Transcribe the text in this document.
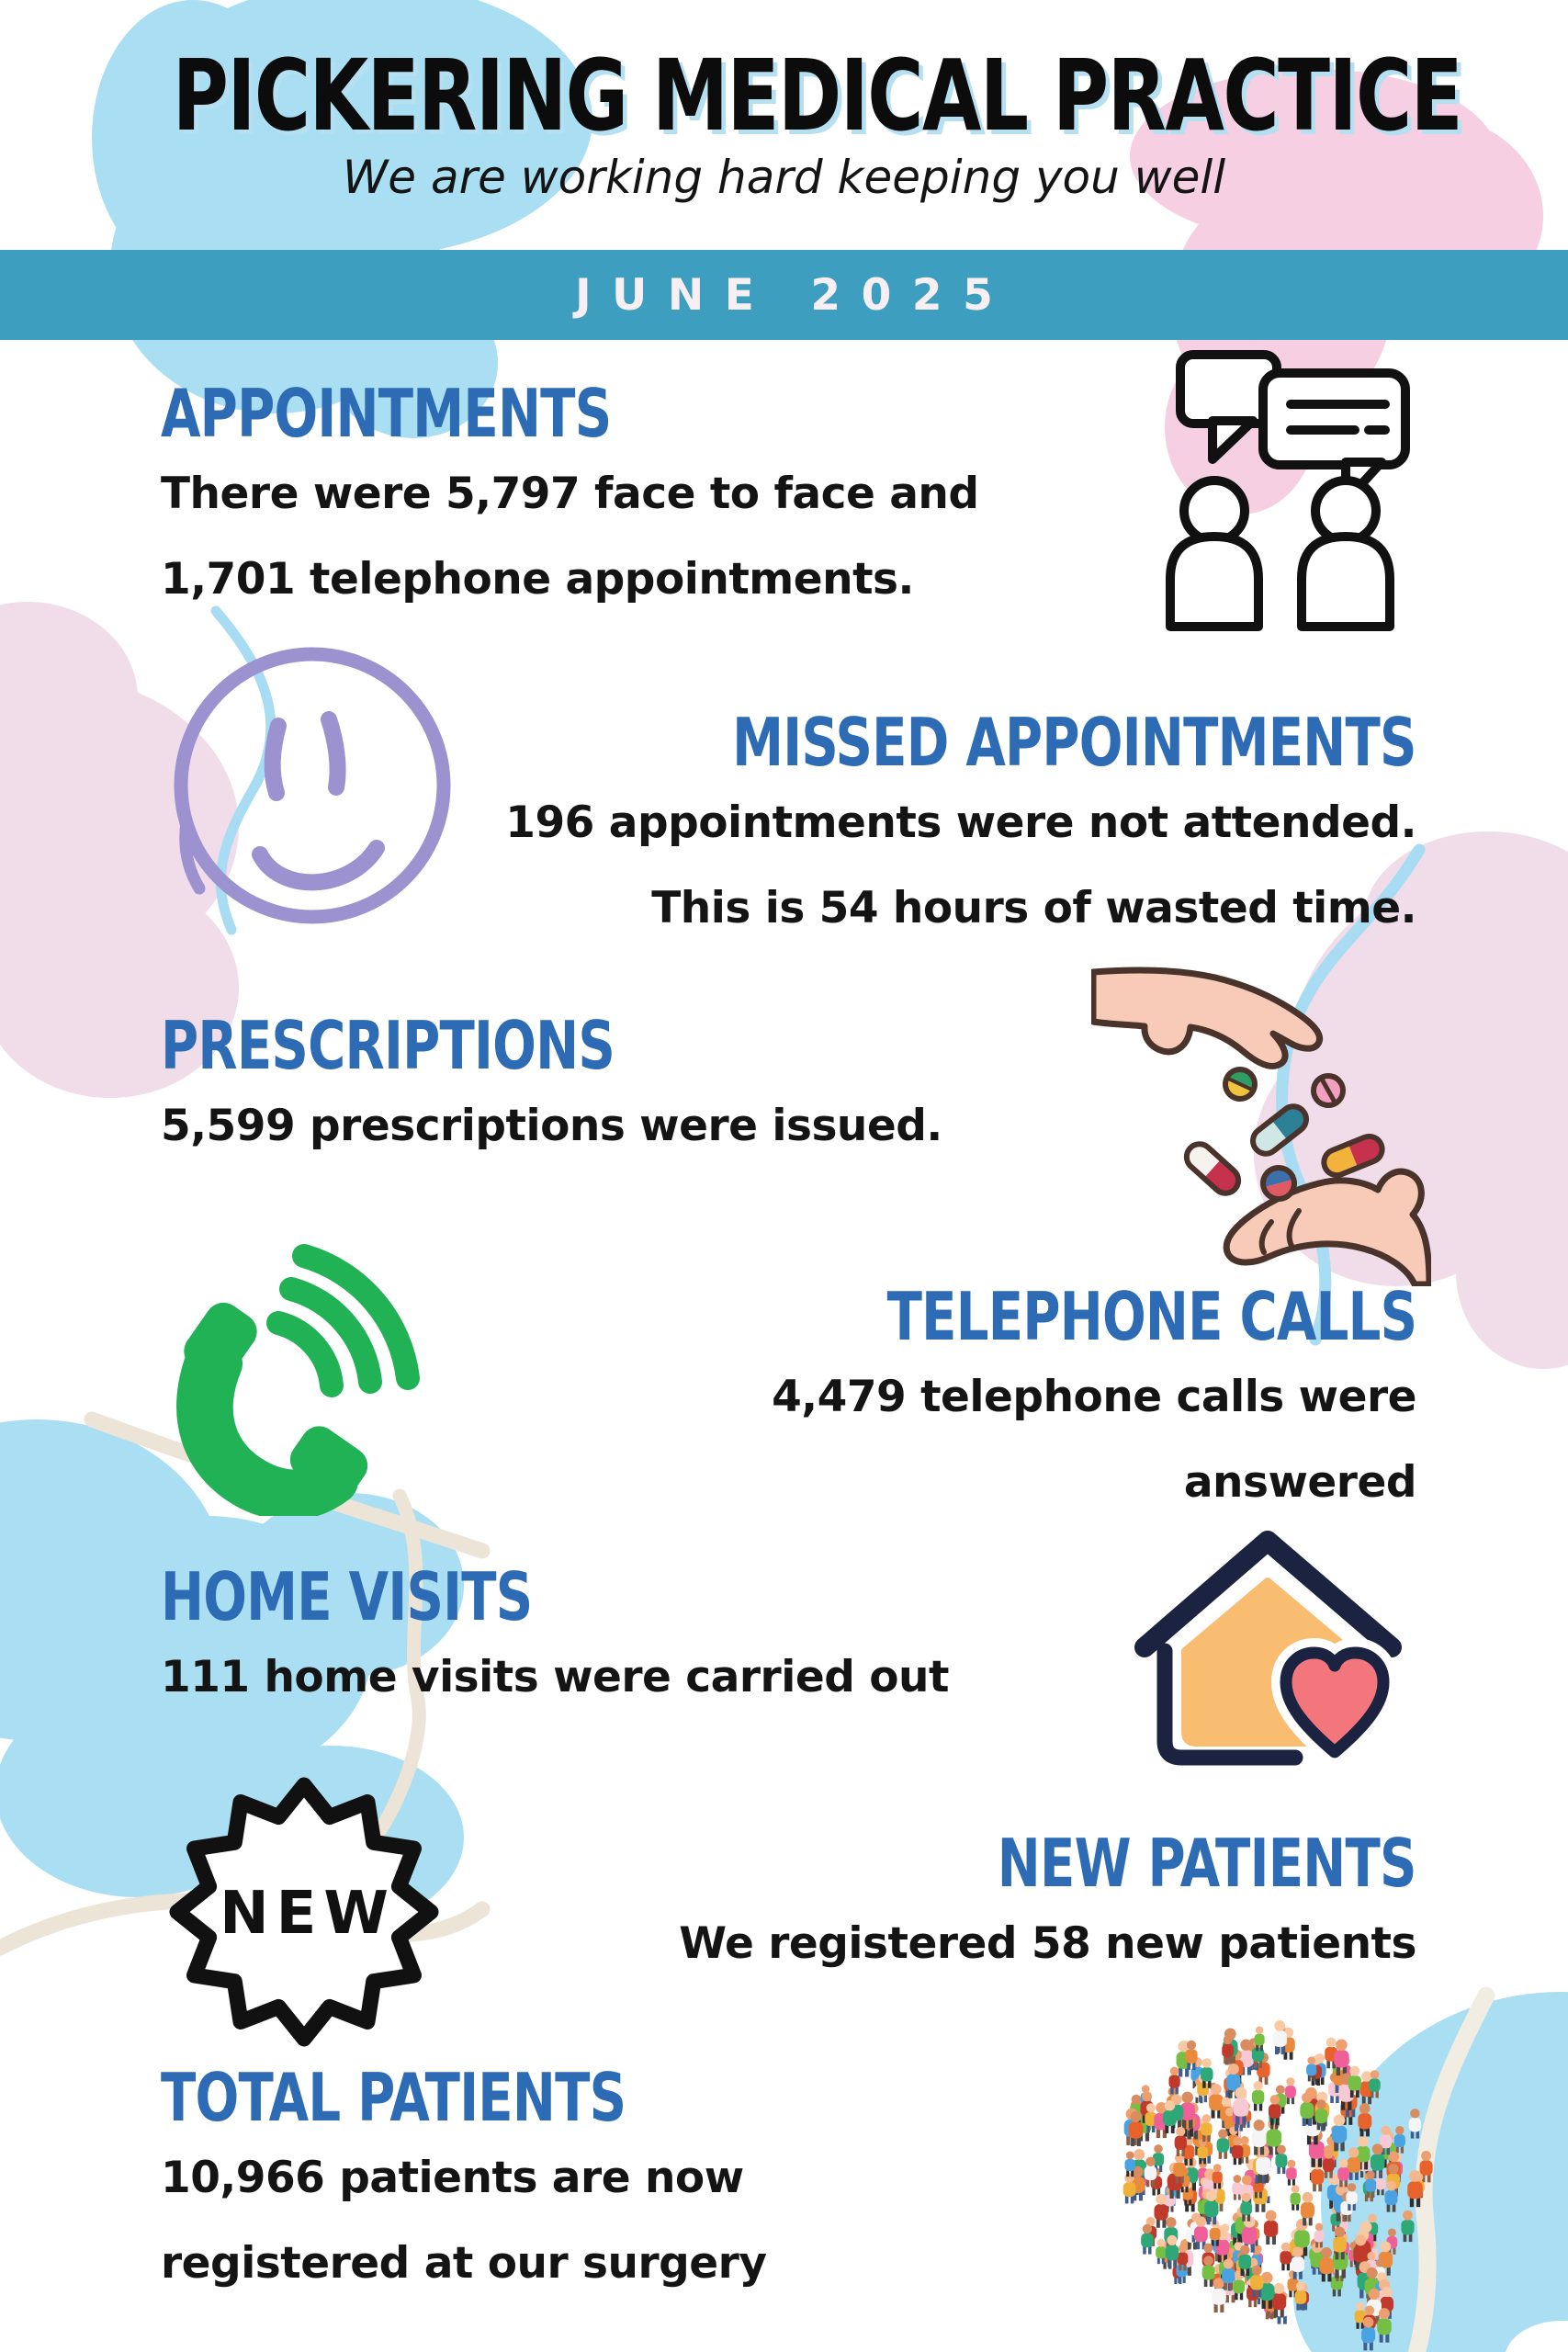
PICKERING MEDICAL PRACTICE
We are working hard keeping you well
JUNE 2025
APPOINTMENTS

There were 5,797 face to face and

1,701 telephone appointments.

MISSED APPOINTMENTS

196 appointments were not attended.

This is 54 hours of wasted time.

PRESCRIPTIONS

5,599 prescriptions were issued.

TELEPHONE CALLS

4,479 telephone calls were

answered

HOME VISITS

111 home visits were carried out

NEW PATIENTS

We registered 58 new patients

TOTAL PATIENTS

10,966 patients are now

registered at our surgery

NEW
